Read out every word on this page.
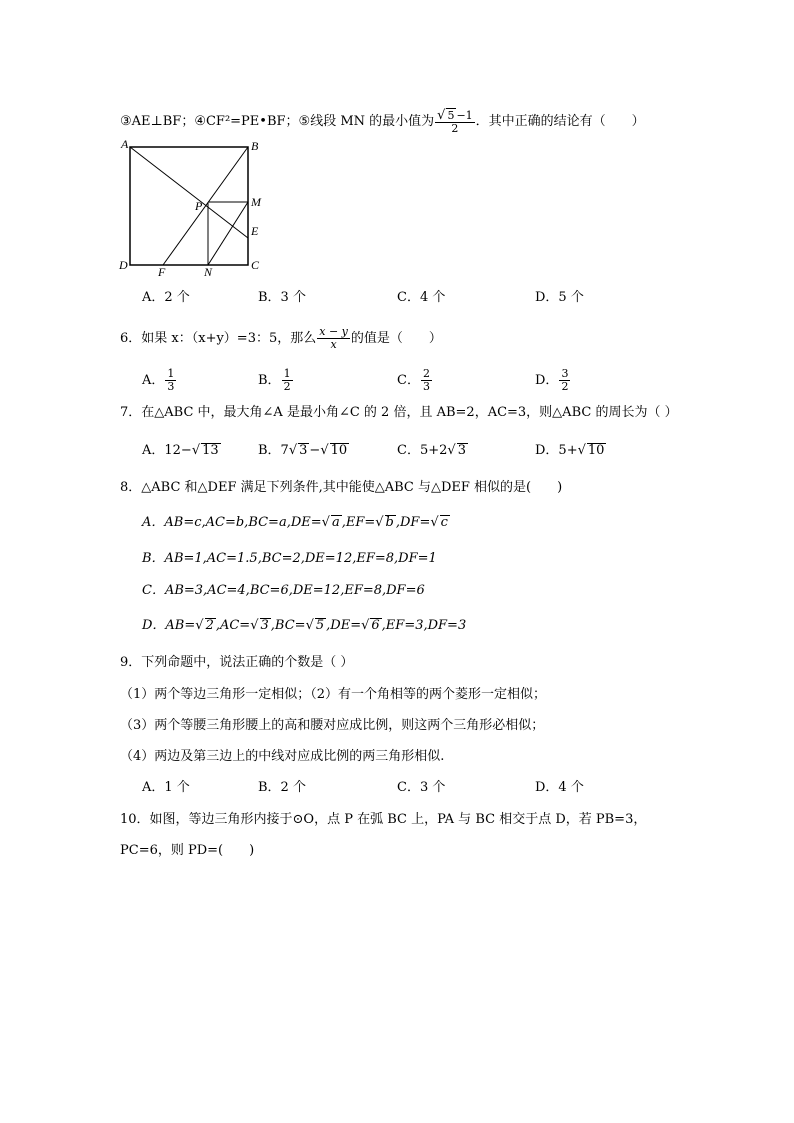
③AE⊥BF；④CF²=PE•BF；⑤线段 MN 的最小值为 $\frac{√ 5 -1}{2}$ ．其中正确的结论有（　　）
A	B
C
D
E
F
M
N
P
A．2 个	B．3 个	C．4 个	D．5 个
6．如果 x：（x+y）=3：5，那么 $\frac{x - y}{x}$ 的值是（　　）
A． $\frac{1}{3}$	B． $\frac{1}{2}$	C． $\frac{2}{3}$	D． $\frac{3}{2}$
7．在△ABC 中，最大角∠A 是最小角∠C 的 2 倍，且 AB=2，AC=3，则△ABC 的周长为（ ）
A．12−√ 13	B．7√ 3 −√ 10	C．5+2√ 3	D．5+√ 10
8．△ABC 和△DEF 满足下列条件,其中能使△ABC 与△DEF 相似的是(　　)
A．AB=c,AC=b,BC=a,DE=√ a ,EF=√ b ,DF=√ c
B．AB=1,AC=1.5,BC=2,DE=12,EF=8,DF=1
C．AB=3,AC=4,BC=6,DE=12,EF=8,DF=6
D．AB=√ 2 ,AC=√ 3 ,BC=√ 5 ,DE=√ 6 ,EF=3,DF=3
9．下列命题中，说法正确的个数是（ ）
（1）两个等边三角形一定相似；（2）有一个角相等的两个菱形一定相似；
（3）两个等腰三角形腰上的高和腰对应成比例，则这两个三角形必相似；
（4）两边及第三边上的中线对应成比例的两三角形相似.
A．1 个	B．2 个	C．3 个	D．4 个
10．如图，等边三角形内接于⊙O，点 P 在弧 BC 上，PA 与 BC 相交于点 D，若 PB=3，
PC=6，则 PD=(　　)
